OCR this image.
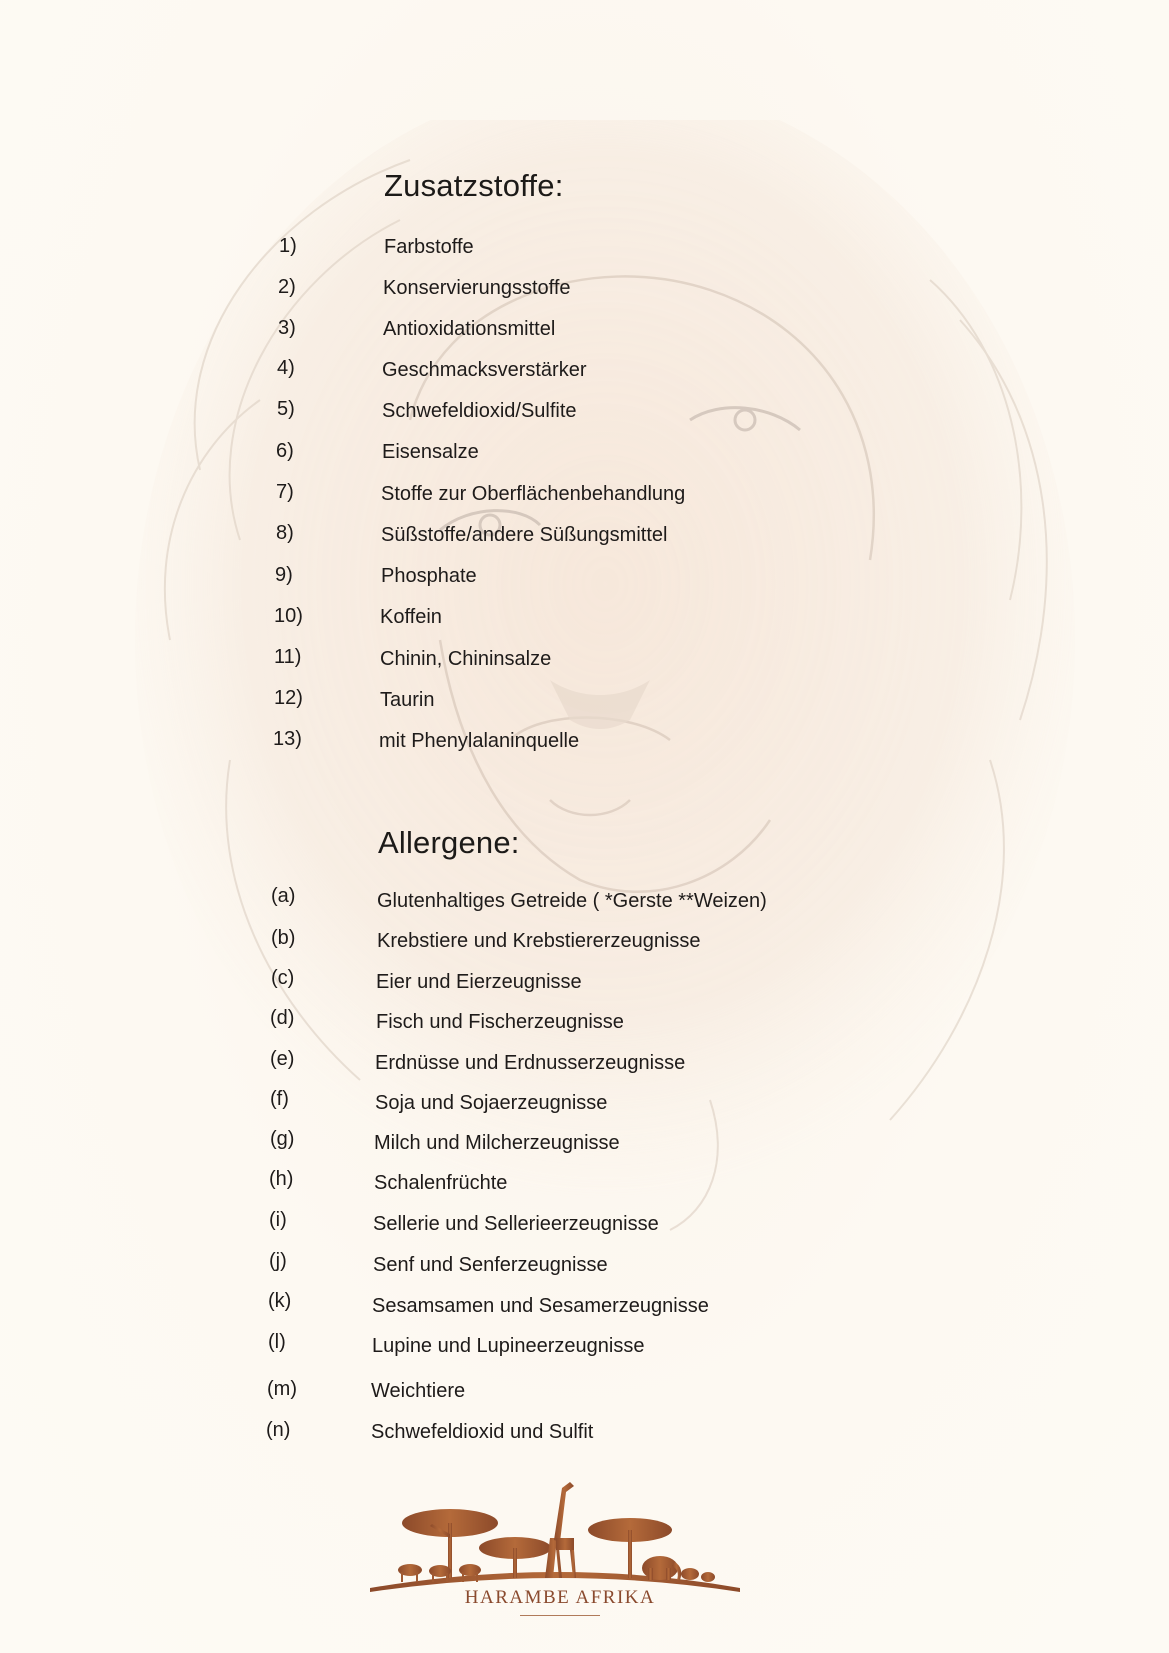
Zusatzstoffe:
1)	Farbstoffe
2)	Konservierungsstoffe
3)	Antioxidationsmittel
4)	Geschmacksverstärker
5)	Schwefeldioxid/Sulfite
6)	Eisensalze
7)	Stoffe zur Oberflächenbehandlung
8)	Süßstoffe/andere Süßungsmittel
9)	Phosphate
10)	Koffein
11)	Chinin, Chininsalze
12)	Taurin
13)	mit Phenylalaninquelle
Allergene:
(a)	Glutenhaltiges Getreide ( *Gerste **Weizen)
(b)	Krebstiere und Krebstiererzeugnisse
(c)	Eier und Eierzeugnisse
(d)	Fisch und Fischerzeugnisse
(e)	Erdnüsse und Erdnusserzeugnisse
(f)	Soja und Sojaerzeugnisse
(g)	Milch und Milcherzeugnisse
(h)	Schalenfrüchte
(i)	Sellerie und Sellerieerzeugnisse
(j)	Senf und Senferzeugnisse
(k)	Sesamsamen und Sesamerzeugnisse
(l)	Lupine und Lupineerzeugnisse
(m)	Weichtiere
(n)	Schwefeldioxid und Sulfit
HARAMBE AFRIKA
